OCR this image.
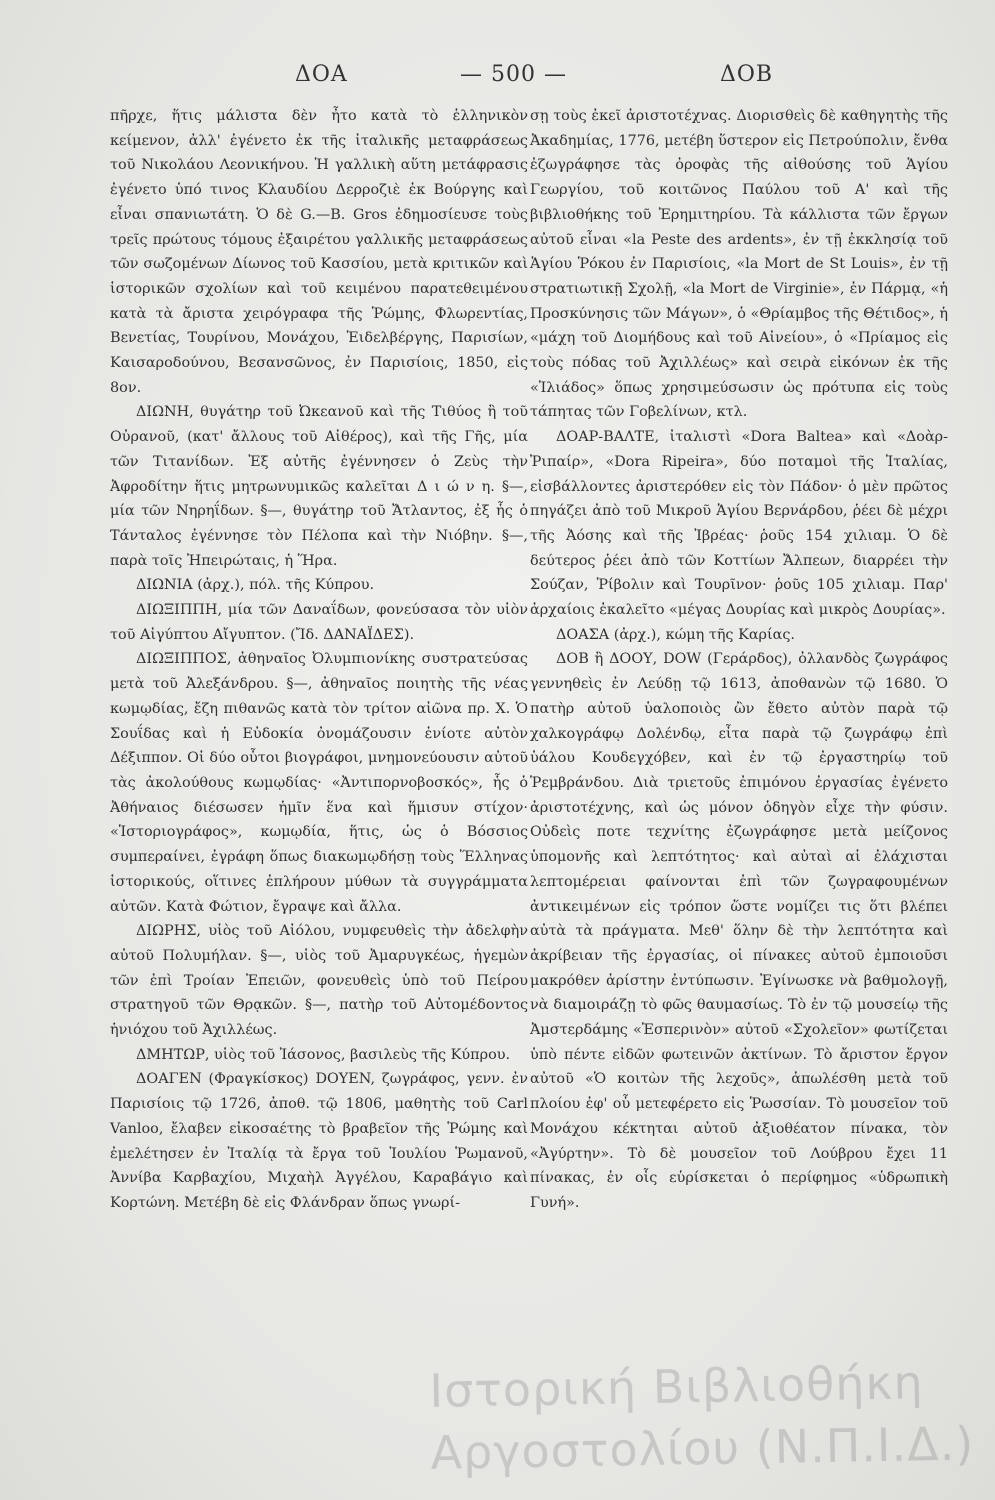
ΔΟΑ	— 500 —	ΔΟΒ

πῆρχε, ἥτις μάλιστα δὲν ἦτο κατὰ τὸ ἑλληνικὸν κείμενον, ἀλλ' ἐγένετο ἐκ τῆς ἰταλικῆς μεταφράσεως τοῦ Νικολάου Λεονικήνου. Ἡ γαλλικὴ αὕτη μετάφρασις ἐγένετο ὑπό τινος Κλαυδίου Δερροζιὲ ἐκ Βούργης καὶ εἶναι σπανιωτάτη. Ὁ δὲ G.—B. Gros ἐδημοσίευσε τοὺς τρεῖς πρώτους τόμους ἐξαιρέτου γαλλικῆς μεταφράσεως τῶν σωζομένων Δίωνος τοῦ Κασσίου, μετὰ κριτικῶν καὶ ἱστορικῶν σχολίων καὶ τοῦ κειμένου παρατεθειμένου κατὰ τὰ ἄριστα χειρόγραφα τῆς Ῥώμης, Φλωρεντίας, Βενετίας, Τουρίνου, Μονάχου, Ἑιδελβέργης, Παρισίων, Καισαροδούνου, Βεσανσῶνος, ἐν Παρισίοις, 1850, εἰς 8ον.

ΔΙΩΝΗ, θυγάτηρ τοῦ Ὠκεανοῦ καὶ τῆς Τιθύος ἢ τοῦ Οὐρανοῦ, (κατ' ἄλλους τοῦ Αἰθέρος), καὶ τῆς Γῆς, μία τῶν Τιτανίδων. Ἐξ αὐτῆς ἐγέννησεν ὁ Ζεὺς τὴν Ἀφροδίτην ἥτις μητρωνυμικῶς καλεῖται Δ ι ώ ν η. §—, μία τῶν Νηρηΐδων. §—, θυγάτηρ τοῦ Ἄτλαντος, ἐξ ἧς ὁ Τάνταλος ἐγέννησε τὸν Πέλοπα καὶ τὴν Νιόβην. §—, παρὰ τοῖς Ἠπειρώταις, ἡ Ἥρα.

ΔΙΩΝΙΑ (ἀρχ.), πόλ. τῆς Κύπρου.

ΔΙΩΞΙΠΠΗ, μία τῶν Δαναΐδων, φονεύσασα τὸν υἱὸν τοῦ Αἰγύπτου Αἴγυπτον. (Ἴδ. ΔΑΝΑΪΔΕΣ).

ΔΙΩΞΙΠΠΟΣ, ἀθηναῖος Ὀλυμπιονίκης συστρατεύσας μετὰ τοῦ Ἀλεξάνδρου. §—, ἀθηναῖος ποιητὴς τῆς νέας κωμῳδίας, ἔζη πιθανῶς κατὰ τὸν τρίτον αἰῶνα πρ. Χ. Ὁ Σουΐδας καὶ ἡ Εὐδοκία ὀνομάζουσιν ἐνίοτε αὐτὸν Δέξιππον. Οἱ δύο οὗτοι βιογράφοι, μνημονεύουσιν αὐτοῦ τὰς ἀκολούθους κωμῳδίας· «Ἀντιπορνοβοσκός», ἧς ὁ Ἀθήναιος διέσωσεν ἡμῖν ἕνα καὶ ἥμισυν στίχον· «Ἱστοριογράφος», κωμῳδία, ἥτις, ὡς ὁ Βόσσιος συμπεραίνει, ἐγράφη ὅπως διακωμῳδήσῃ τοὺς Ἕλληνας ἱστορικούς, οἵτινες ἐπλήρουν μύθων τὰ συγγράμματα αὐτῶν. Κατὰ Φώτιον, ἔγραψε καὶ ἄλλα.

ΔΙΩΡΗΣ, υἱὸς τοῦ Αἰόλου, νυμφευθεὶς τὴν ἀδελφὴν αὐτοῦ Πολυμήλαν. §—, υἱὸς τοῦ Ἀμαρυγκέως, ἡγεμὼν τῶν ἐπὶ Τροίαν Ἐπειῶν, φονευθεὶς ὑπὸ τοῦ Πείρου στρατηγοῦ τῶν Θρᾳκῶν. §—, πατὴρ τοῦ Αὐτομέδοντος ἡνιόχου τοῦ Ἀχιλλέως.

ΔΜΗΤΩΡ, υἱὸς τοῦ Ἰάσονος, βασιλεὺς τῆς Κύπρου.

ΔΟΑΓΕΝ (Φραγκίσκος) DOYEN, ζωγράφος, γενν. ἐν Παρισίοις τῷ 1726, ἀποθ. τῷ 1806, μαθητὴς τοῦ Carl Vanloo, ἔλαβεν εἰκοσαέτης τὸ βραβεῖον τῆς Ῥώμης καὶ ἐμελέτησεν ἐν Ἰταλίᾳ τὰ ἔργα τοῦ Ἰουλίου Ῥωμανοῦ, Ἀννίβα Καρβαχίου, Μιχαὴλ Ἀγγέλου, Καραβάγιο καὶ Κορτώνη. Μετέβη δὲ εἰς Φλάνδραν ὅπως γνωρί-

σῃ τοὺς ἐκεῖ ἀριστοτέχνας. Διορισθεὶς δὲ καθηγητὴς τῆς Ἀκαδημίας, 1776, μετέβη ὕστερον εἰς Πετρούπολιν, ἔνθα ἐζωγράφησε τὰς ὀροφὰς τῆς αἰθούσης τοῦ Ἁγίου Γεωργίου, τοῦ κοιτῶνος Παύλου τοῦ Α' καὶ τῆς βιβλιοθήκης τοῦ Ἐρημιτηρίου. Τὰ κάλλιστα τῶν ἔργων αὐτοῦ εἶναι «la Peste des ardents», ἐν τῇ ἐκκλησίᾳ τοῦ Ἁγίου Ῥόκου ἐν Παρισίοις, «la Mort de St Louis», ἐν τῇ στρατιωτικῇ Σχολῇ, «la Mort de Virginie», ἐν Πάρμᾳ, «ἡ Προσκύνησις τῶν Μάγων», ὁ «Θρίαμβος τῆς Θέτιδος», ἡ «μάχη τοῦ Διομήδους καὶ τοῦ Αἰνείου», ὁ «Πρίαμος εἰς τοὺς πόδας τοῦ Ἀχιλλέως» καὶ σειρὰ εἰκόνων ἐκ τῆς «Ἰλιάδος» ὅπως χρησιμεύσωσιν ὡς πρότυπα εἰς τοὺς τάπητας τῶν Γοβελίνων, κτλ.

ΔΟΑΡ-ΒΑΛΤΕ, ἰταλιστὶ «Dora Baltea» καὶ «Δοὰρ-Ῥιπαίρ», «Dora Ripeira», δύο ποταμοὶ τῆς Ἰταλίας, εἰσβάλλοντες ἀριστερόθεν εἰς τὸν Πάδον· ὁ μὲν πρῶτος πηγάζει ἀπὸ τοῦ Μικροῦ Ἁγίου Βερνάρδου, ῥέει δὲ μέχρι τῆς Ἀόσης καὶ τῆς Ἰβρέας· ῥοῦς 154 χιλιαμ. Ὁ δὲ δεύτερος ῥέει ἀπὸ τῶν Κοττίων Ἄλπεων, διαρρέει τὴν Σούζαν, Ῥίβολιν καὶ Τουρῖνον· ῥοῦς 105 χιλιαμ. Παρ' ἀρχαίοις ἐκαλεῖτο «μέγας Δουρίας καὶ μικρὸς Δουρίας».

ΔΟΑΣΑ (ἀρχ.), κώμη τῆς Καρίας.

ΔΟΒ ἢ ΔΟΟΥ, DOW (Γεράρδος), ὀλλανδὸς ζωγράφος γεννηθεὶς ἐν Λεύδῃ τῷ 1613, ἀποθανὼν τῷ 1680. Ὁ πατὴρ αὐτοῦ ὑαλοποιὸς ὢν ἔθετο αὐτὸν παρὰ τῷ χαλκογράφῳ Δολένδῳ, εἶτα παρὰ τῷ ζωγράφῳ ἐπὶ ὑάλου Κουδεγχόβεν, καὶ ἐν τῷ ἐργαστηρίῳ τοῦ Ῥεμβράνδου. Διὰ τριετοῦς ἐπιμόνου ἐργασίας ἐγένετο ἀριστοτέχνης, καὶ ὡς μόνον ὁδηγὸν εἶχε τὴν φύσιν. Οὐδεὶς ποτε τεχνίτης ἐζωγράφησε μετὰ μείζονος ὑπομονῆς καὶ λεπτότητος· καὶ αὐταὶ αἱ ἐλάχισται λεπτομέρειαι φαίνονται ἐπὶ τῶν ζωγραφουμένων ἀντικειμένων εἰς τρόπον ὥστε νομίζει τις ὅτι βλέπει αὐτὰ τὰ πράγματα. Μεθ' ὅλην δὲ τὴν λεπτότητα καὶ ἀκρίβειαν τῆς ἐργασίας, οἱ πίνακες αὐτοῦ ἐμποιοῦσι μακρόθεν ἀρίστην ἐντύπωσιν. Ἐγίνωσκε νὰ βαθμολογῇ, νὰ διαμοιράζῃ τὸ φῶς θαυμασίως. Τὸ ἐν τῷ μουσείῳ τῆς Ἀμστερδάμης «Ἑσπερινὸν» αὐτοῦ «Σχολεῖον» φωτίζεται ὑπὸ πέντε εἰδῶν φωτεινῶν ἀκτίνων. Τὸ ἄριστον ἔργον αὐτοῦ «Ὁ κοιτὼν τῆς λεχοῦς», ἀπωλέσθη μετὰ τοῦ πλοίου ἐφ' οὗ μετεφέρετο εἰς Ῥωσσίαν. Τὸ μουσεῖον τοῦ Μονάχου κέκτηται αὐτοῦ ἀξιοθέατον πίνακα, τὸν «Ἀγύρτην». Τὸ δὲ μουσεῖον τοῦ Λούβρου ἔχει 11 πίνακας, ἐν οἷς εὑρίσκεται ὁ περίφημος «ὑδρωπικὴ Γυνή».

Ιστορική Βιβλιοθήκη
Αργοστολίου (Ν.Π.Ι.Δ.)
